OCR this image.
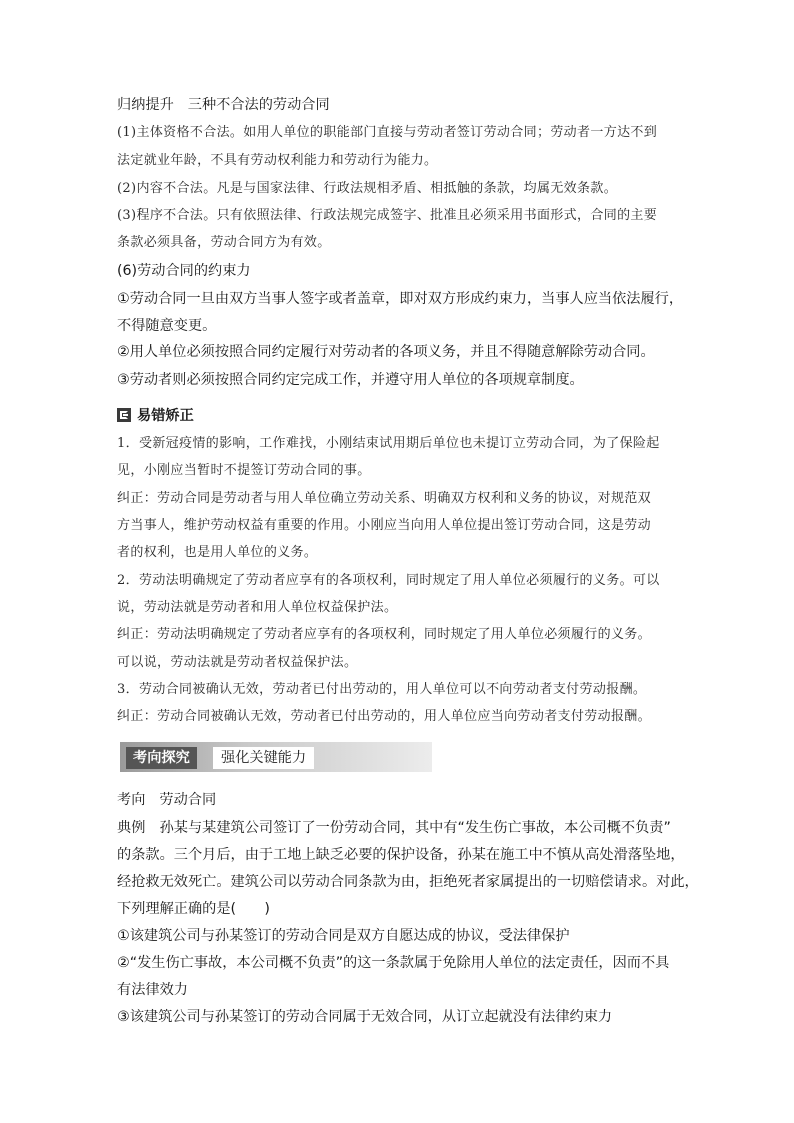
归纳提升 三种不合法的劳动合同
(1)主体资格不合法。如用人单位的职能部门直接与劳动者签订劳动合同；劳动者一方达不到
法定就业年龄，不具有劳动权利能力和劳动行为能力。
(2)内容不合法。凡是与国家法律、行政法规相矛盾、相抵触的条款，均属无效条款。
(3)程序不合法。只有依照法律、行政法规完成签字、批准且必须采用书面形式，合同的主要
条款必须具备，劳动合同方为有效。
(6)劳动合同的约束力
①劳动合同一旦由双方当事人签字或者盖章，即对双方形成约束力，当事人应当依法履行，
不得随意变更。
②用人单位必须按照合同约定履行对劳动者的各项义务，并且不得随意解除劳动合同。
③劳动者则必须按照合同约定完成工作，并遵守用人单位的各项规章制度。
易错矫正
1．受新冠疫情的影响，工作难找，小刚结束试用期后单位也未提订立劳动合同，为了保险起
见，小刚应当暂时不提签订劳动合同的事。
纠正：劳动合同是劳动者与用人单位确立劳动关系、明确双方权利和义务的协议，对规范双
方当事人，维护劳动权益有重要的作用。小刚应当向用人单位提出签订劳动合同，这是劳动
者的权利，也是用人单位的义务。
2．劳动法明确规定了劳动者应享有的各项权利，同时规定了用人单位必须履行的义务。可以
说，劳动法就是劳动者和用人单位权益保护法。
纠正：劳动法明确规定了劳动者应享有的各项权利，同时规定了用人单位必须履行的义务。
可以说，劳动法就是劳动者权益保护法。
3．劳动合同被确认无效，劳动者已付出劳动的，用人单位可以不向劳动者支付劳动报酬。
纠正：劳动合同被确认无效，劳动者已付出劳动的，用人单位应当向劳动者支付劳动报酬。
考向探究	强化关键能力
考向 劳动合同
典例　孙某与某建筑公司签订了一份劳动合同，其中有“发生伤亡事故，本公司概不负责”
的条款。三个月后，由于工地上缺乏必要的保护设备，孙某在施工中不慎从高处滑落坠地，
经抢救无效死亡。建筑公司以劳动合同条款为由，拒绝死者家属提出的一切赔偿请求。对此，
下列理解正确的是(　　)
①该建筑公司与孙某签订的劳动合同是双方自愿达成的协议，受法律保护
②“发生伤亡事故，本公司概不负责”的这一条款属于免除用人单位的法定责任，因而不具
有法律效力
③该建筑公司与孙某签订的劳动合同属于无效合同，从订立起就没有法律约束力
